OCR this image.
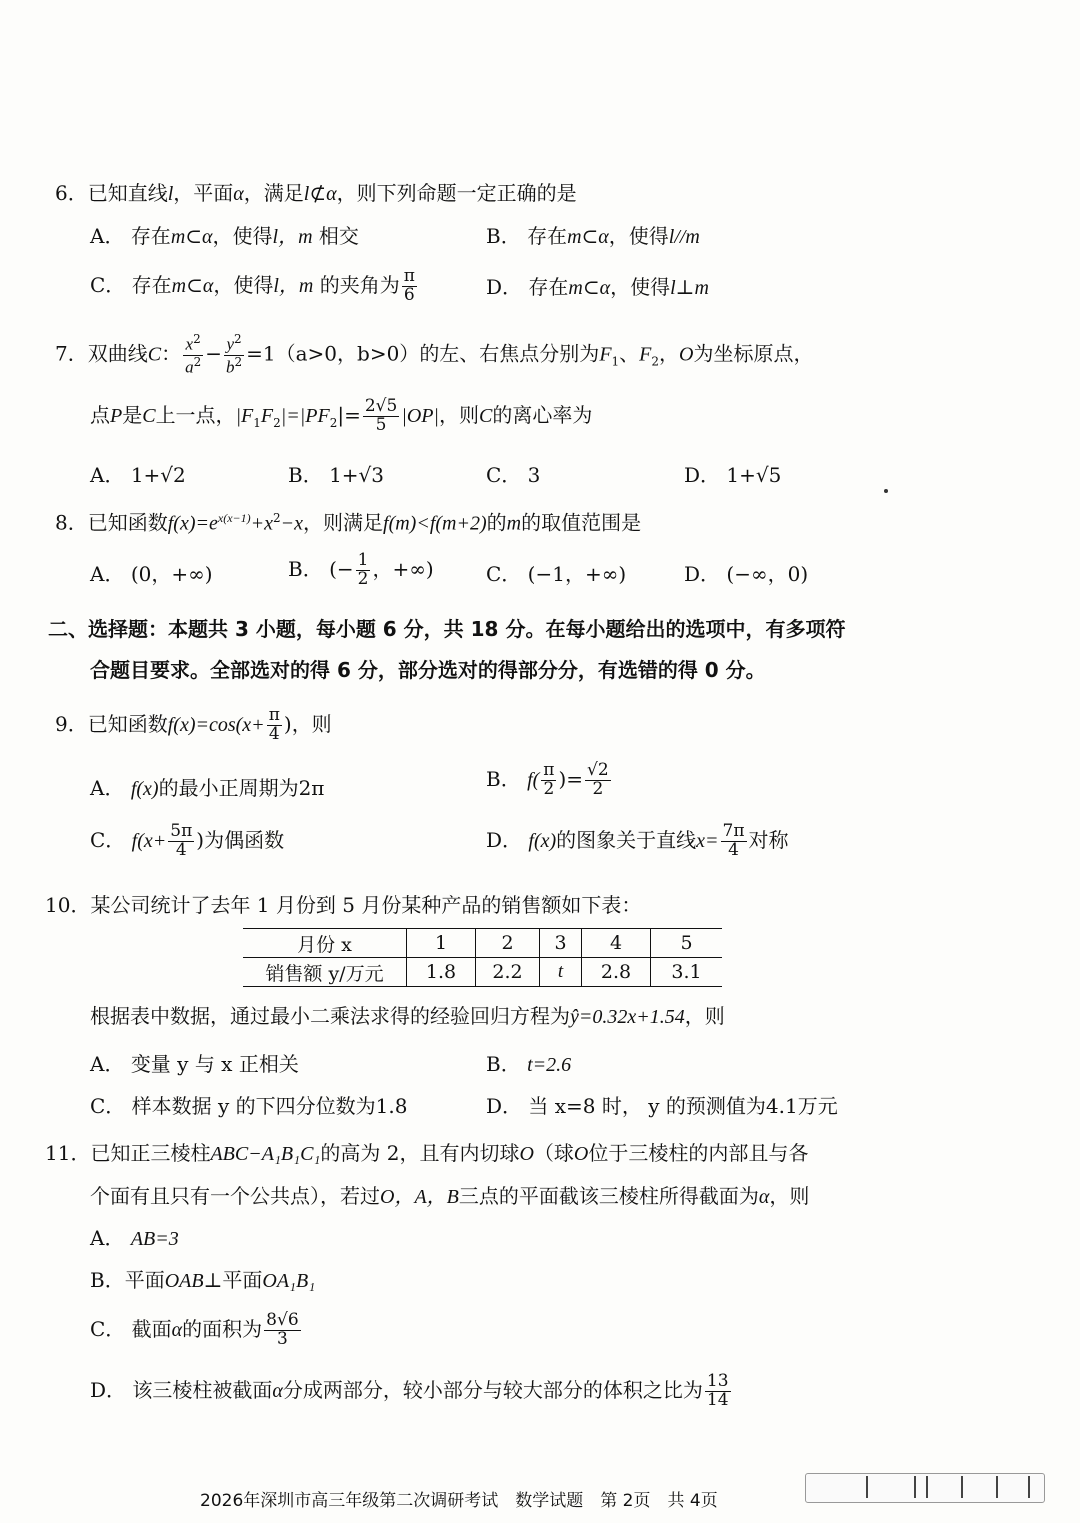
6．已知直线l，平面α，满足l⊄α，则下列命题一定正确的是
A． 存在m⊂α，使得l，m 相交	B． 存在m⊂α，使得l//m
C． 存在m⊂α，使得l，m 的夹角为 $\frac{\pi}{6}$	D． 存在m⊂α，使得l⊥m
7．双曲线C： $\frac{x^2}{a^2} - \frac{y^2}{b^2} =1(a>0$，b>0）的左、右焦点分别为$F_1$、$F_2$，O为坐标原点，
点P是C上一点，$|F_1F_2|=|PF_2|= \frac{2√5}{5} |OP|$，则C的离心率为
A． 1+√2	B． 1+√3	C． 3	D． 1+√5
8．已知函数$f(x)=e^{x(x-1)}+x^2-x$，则满足f(m)<f(m+2)的m的取值范围是
A． (0，+∞)	B． (− $\frac{1}{2}$ ，+∞)	C． (−1，+∞)	D． (−∞，0)
二、选择题：本题共 3 小题，每小题 6 分，共 18 分。在每小题给出的选项中，有多项符
合题目要求。全部选对的得 6 分，部分选对的得部分分，有选错的得 0 分。
9．已知函数$f(x)=\cos(x+ \frac{\pi}{4}$ )，则
A． f(x)的最小正周期为2π	B． $f( \frac{\pi}{2}$ )= $\frac{√2}{2}$
C． $f(x+ \frac{5\pi}{4}$ )为偶函数	D． f(x)的图象关于直线$x= \frac{7\pi}{4}$ 对称
10．某公司统计了去年 1 月份到 5 月份某种产品的销售额如下表：
月份 x	1	2	3	4	5
销售额 y/万元	1.8	2.2	t	2.8	3.1
根据表中数据，通过最小二乘法求得的经验回归方程为ŷ=0.32x+1.54，则
A． 变量 y 与 x 正相关	B． t=2.6
C． 样本数据 y 的下四分位数为1.8	D． 当 x=8 时， y 的预测值为4.1万元
11．已知正三棱柱ABC−A₁B₁C₁的高为 2，且有内切球O（球O位于三棱柱的内部且与各
个面有且只有一个公共点），若过O，A，B三点的平面截该三棱柱所得截面为α，则
A． AB=3
B．平面OAB⊥平面OA₁B₁
C． 截面α的面积为 $\frac{8√6}{3}$
D． 该三棱柱被截面α分成两部分，较小部分与较大部分的体积之比为 $\frac{13}{14}$
2026年深圳市高三年级第二次调研考试　数学试题　第 2页　共 4页
